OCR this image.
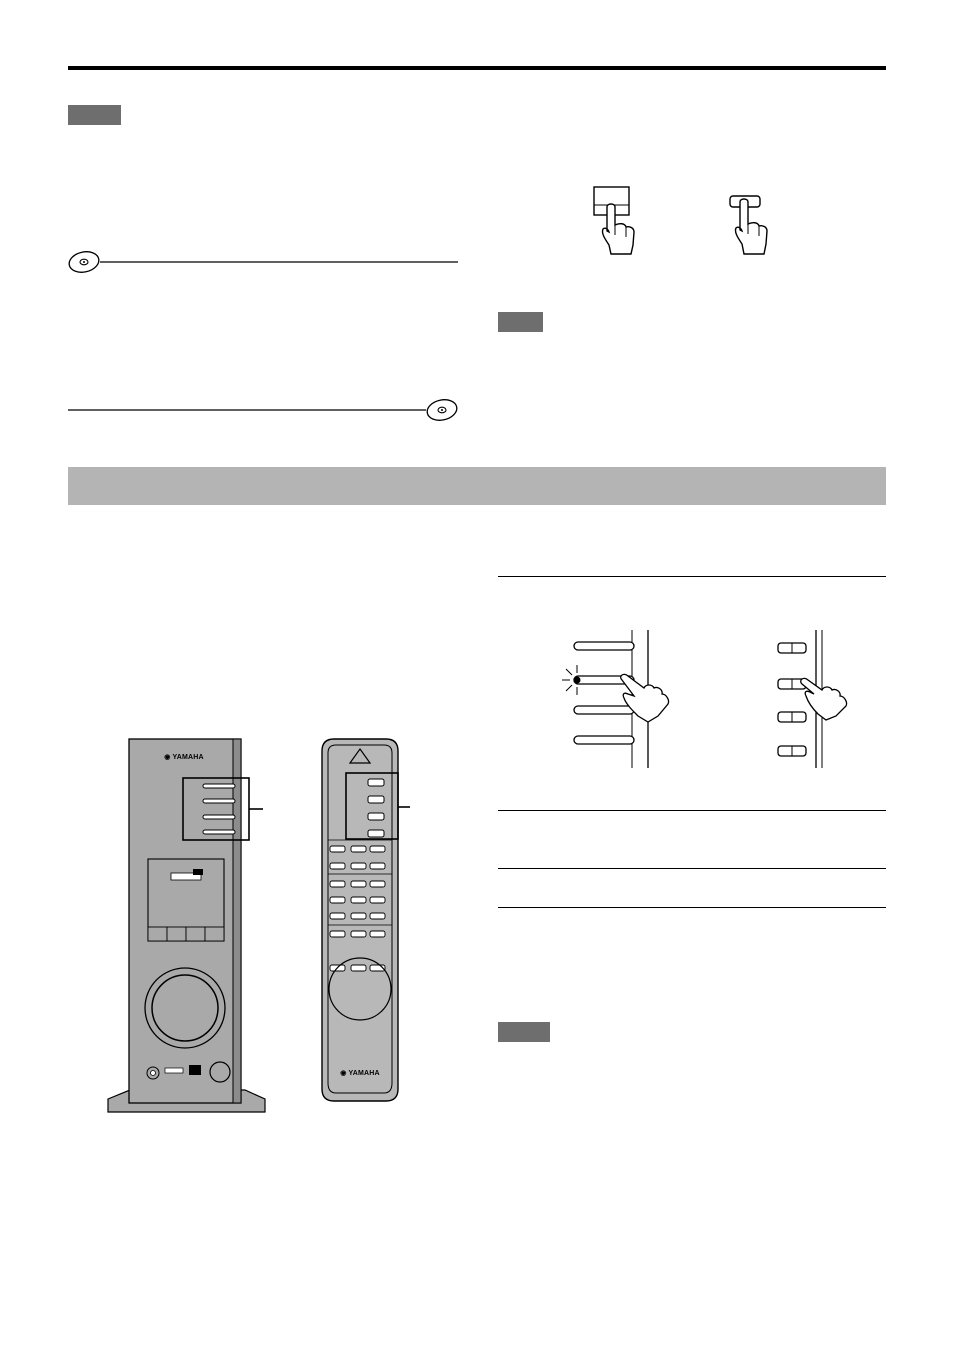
◉ YAMAHA
◉ YAMAHA
